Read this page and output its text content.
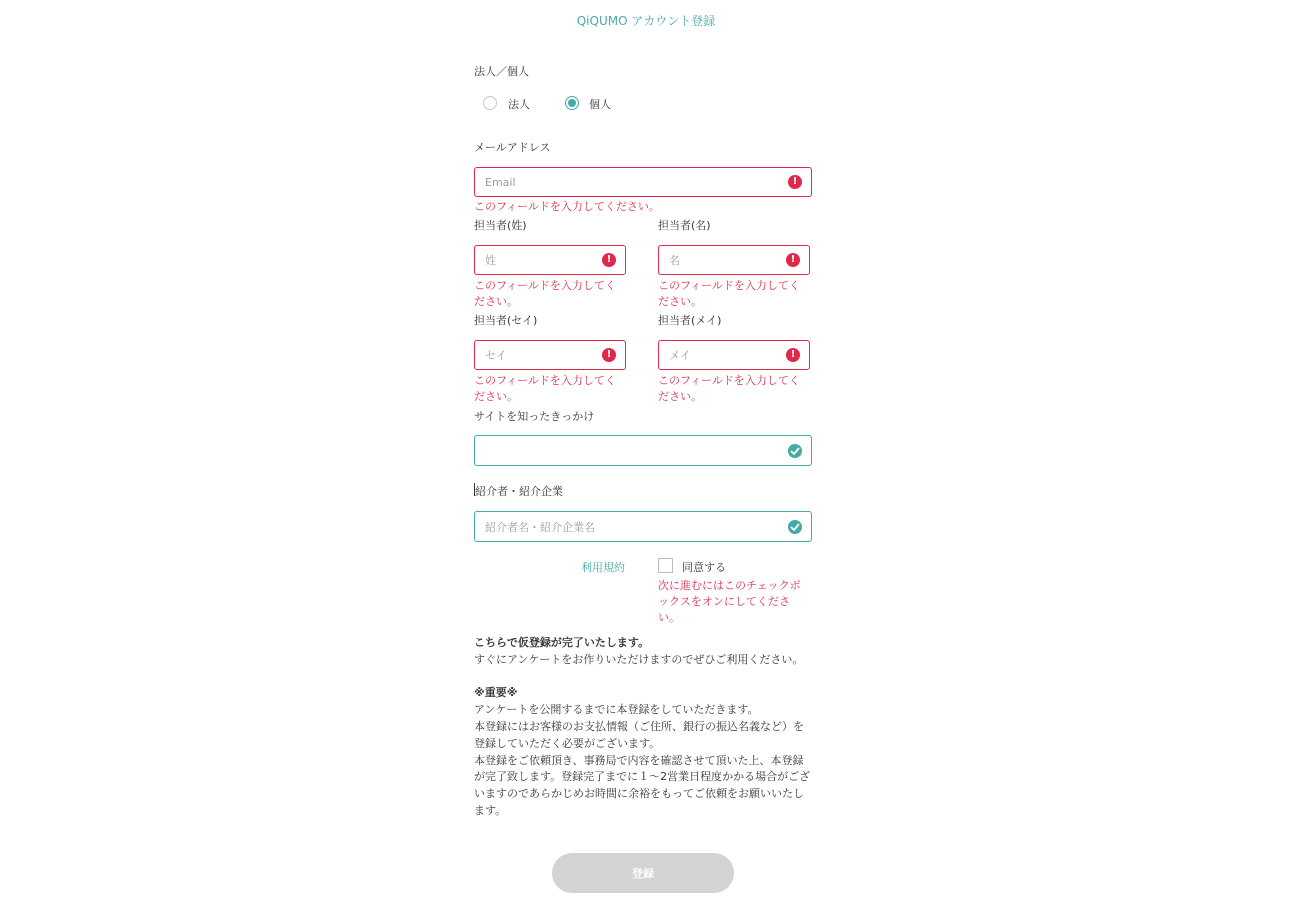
QiQUMO アカウント登録
法人／個人
法人	個人
メールアドレス
Email	!
このフィールドを入力してください。
担当者(姓)	担当者(名)
姓	!	名	!
このフィールドを入力してください。
このフィールドを入力してください。
担当者(セイ)	担当者(メイ)
セイ	!	メイ	!
このフィールドを入力してください。
このフィールドを入力してください。
サイトを知ったきっかけ
紹介者・紹介企業
紹介者名・紹介企業名
利用規約	同意する
次に進むにはこのチェックボックスをオンにしてください。
こちらで仮登録が完了いたします。
すぐにアンケートをお作りいただけますのでぜひご利用ください。
※重要※
アンケートを公開するまでに本登録をしていただきます。
本登録にはお客様のお支払情報（ご住所、銀行の振込名義など）を登録していただく必要がございます。
本登録をご依頼頂き、事務局で内容を確認させて頂いた上、本登録が完了致します。登録完了までに１〜2営業日程度かかる場合がございますのであらかじめお時間に余裕をもってご依頼をお願いいたします。
登録
